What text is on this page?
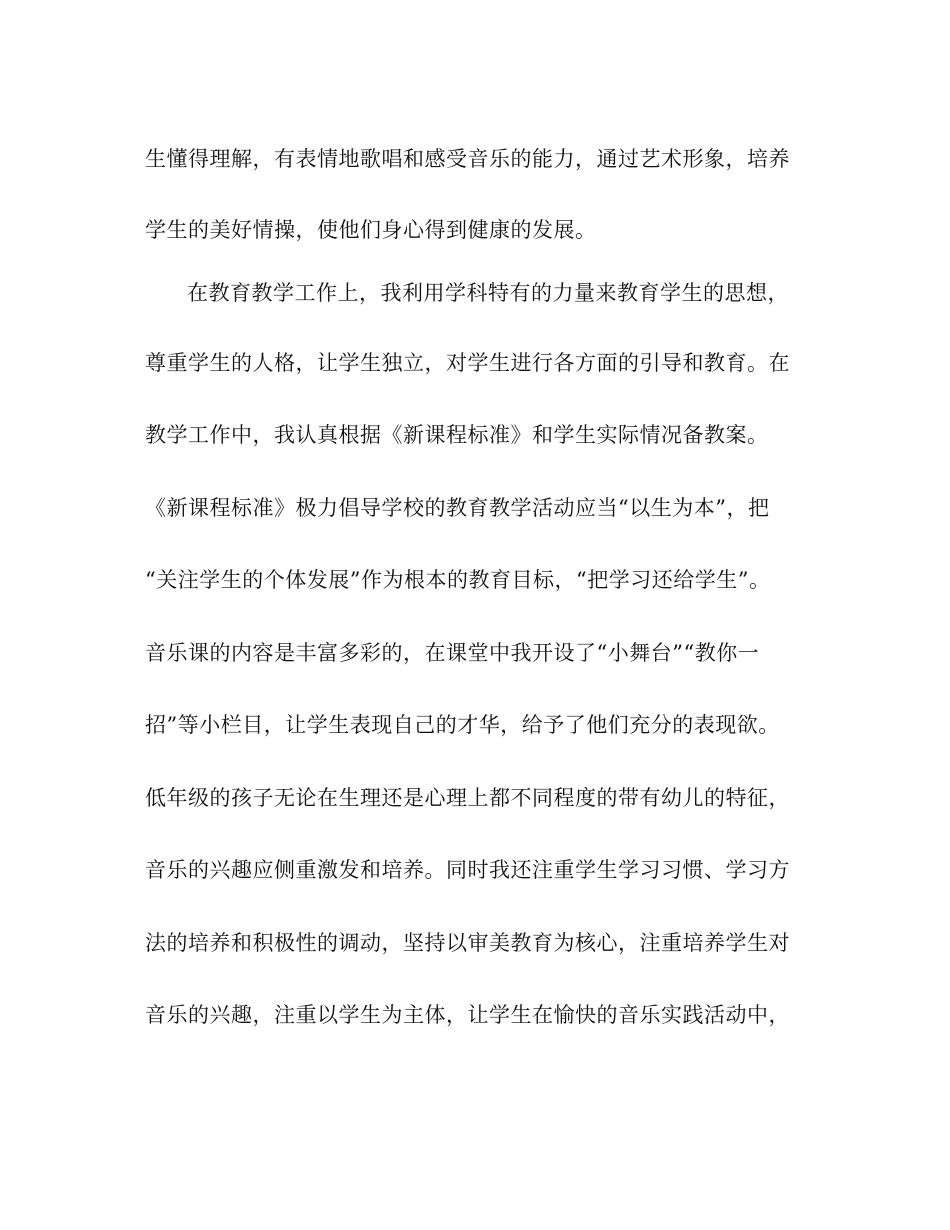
生懂得理解，有表情地歌唱和感受音乐的能力，通过艺术形象，培养
学生的美好情操，使他们身心得到健康的发展。
在教育教学工作上，我利用学科特有的力量来教育学生的思想，
尊重学生的人格，让学生独立，对学生进行各方面的引导和教育。在
教学工作中，我认真根据《新课程标准》和学生实际情况备教案。
《新课程标准》极力倡导学校的教育教学活动应当“以生为本”，把
“关注学生的个体发展”作为根本的教育目标，“把学习还给学生”。
音乐课的内容是丰富多彩的，在课堂中我开设了“小舞台”“教你一
招”等小栏目，让学生表现自己的才华，给予了他们充分的表现欲。
低年级的孩子无论在生理还是心理上都不同程度的带有幼儿的特征，
音乐的兴趣应侧重激发和培养。同时我还注重学生学习习惯、学习方
法的培养和积极性的调动，坚持以审美教育为核心，注重培养学生对
音乐的兴趣，注重以学生为主体，让学生在愉快的音乐实践活动中，
